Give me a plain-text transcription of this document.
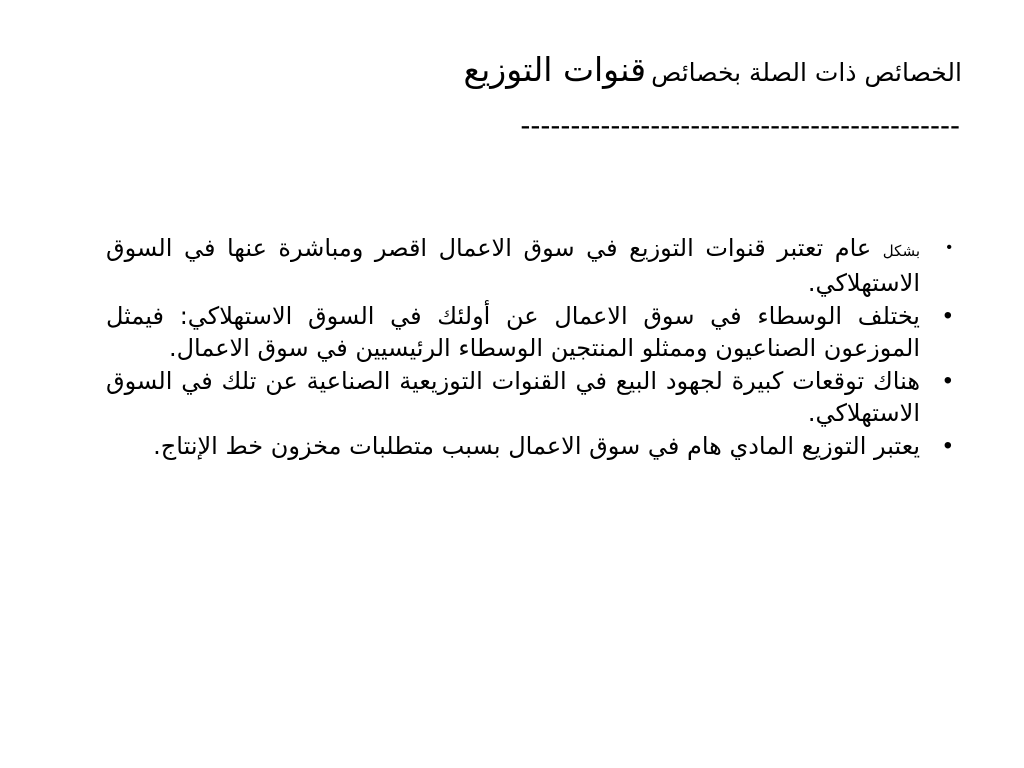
الخصائص ذات الصلة بخصائص قنوات التوزيع
--------------------------------------------
•
بشكل عام تعتبر قنوات التوزيع في سوق الاعمال اقصر ومباشرة عنها في السوق الاستهلاكي.
•
يختلف الوسطاء في سوق الاعمال عن أولئك في السوق الاستهلاكي: فيمثل الموزعون الصناعيون وممثلو المنتجين الوسطاء الرئيسيين في سوق الاعمال.
•
هناك توقعات كبيرة لجهود البيع في القنوات التوزيعية الصناعية عن تلك في السوق الاستهلاكي.
•
يعتبر التوزيع المادي هام في سوق الاعمال بسبب متطلبات مخزون خط الإنتاج.
